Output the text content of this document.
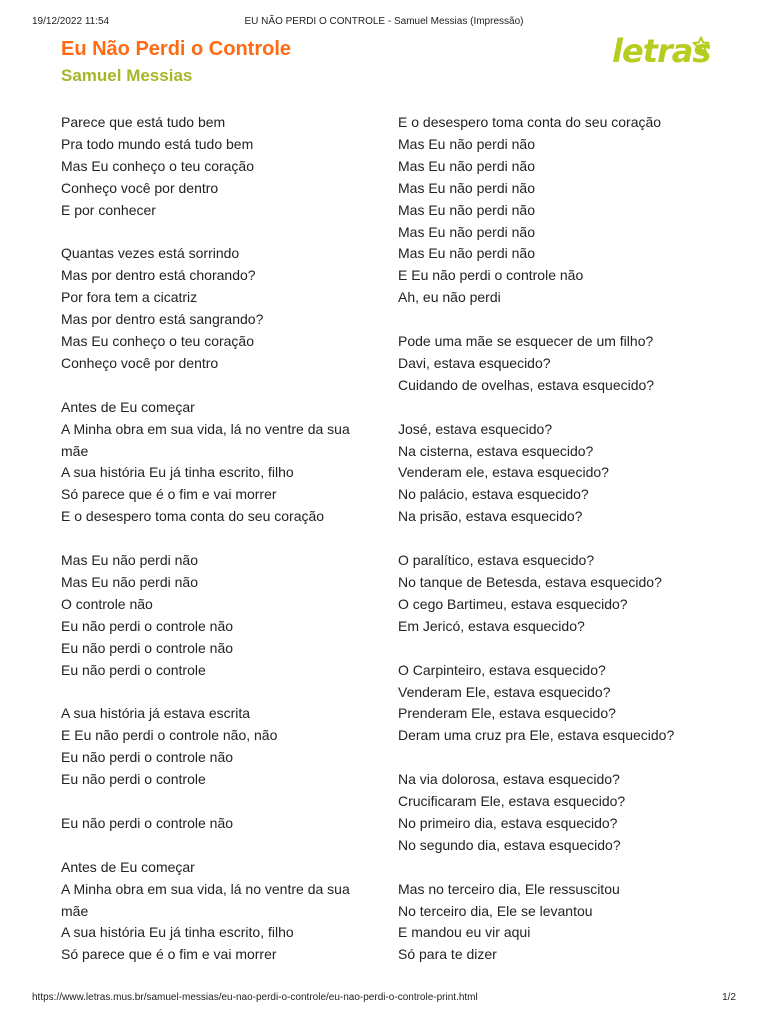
19/12/2022 11:54	EU NÃO PERDI O CONTROLE - Samuel Messias (Impressão)
Eu Não Perdi o Controle
Samuel Messias
letras
Parece que está tudo bem
Pra todo mundo está tudo bem
Mas Eu conheço o teu coração
Conheço você por dentro
E por conhecer
Quantas vezes está sorrindo
Mas por dentro está chorando?
Por fora tem a cicatriz
Mas por dentro está sangrando?
Mas Eu conheço o teu coração
Conheço você por dentro
Antes de Eu começar
A Minha obra em sua vida, lá no ventre da sua mãe
A sua história Eu já tinha escrito, filho
Só parece que é o fim e vai morrer
E o desespero toma conta do seu coração
Mas Eu não perdi não
Mas Eu não perdi não
O controle não
Eu não perdi o controle não
Eu não perdi o controle não
Eu não perdi o controle
A sua história já estava escrita
E Eu não perdi o controle não, não
Eu não perdi o controle não
Eu não perdi o controle
Eu não perdi o controle não
Antes de Eu começar
A Minha obra em sua vida, lá no ventre da sua mãe
A sua história Eu já tinha escrito, filho
Só parece que é o fim e vai morrer
E o desespero toma conta do seu coração
Mas Eu não perdi não
Mas Eu não perdi não
Mas Eu não perdi não
Mas Eu não perdi não
Mas Eu não perdi não
Mas Eu não perdi não
E Eu não perdi o controle não
Ah, eu não perdi
Pode uma mãe se esquecer de um filho?
Davi, estava esquecido?
Cuidando de ovelhas, estava esquecido?
José, estava esquecido?
Na cisterna, estava esquecido?
Venderam ele, estava esquecido?
No palácio, estava esquecido?
Na prisão, estava esquecido?
O paralítico, estava esquecido?
No tanque de Betesda, estava esquecido?
O cego Bartimeu, estava esquecido?
Em Jericó, estava esquecido?
O Carpinteiro, estava esquecido?
Venderam Ele, estava esquecido?
Prenderam Ele, estava esquecido?
Deram uma cruz pra Ele, estava esquecido?
Na via dolorosa, estava esquecido?
Crucificaram Ele, estava esquecido?
No primeiro dia, estava esquecido?
No segundo dia, estava esquecido?
Mas no terceiro dia, Ele ressuscitou
No terceiro dia, Ele se levantou
E mandou eu vir aqui
Só para te dizer
https://www.letras.mus.br/samuel-messias/eu-nao-perdi-o-controle/eu-nao-perdi-o-controle-print.html	1/2
